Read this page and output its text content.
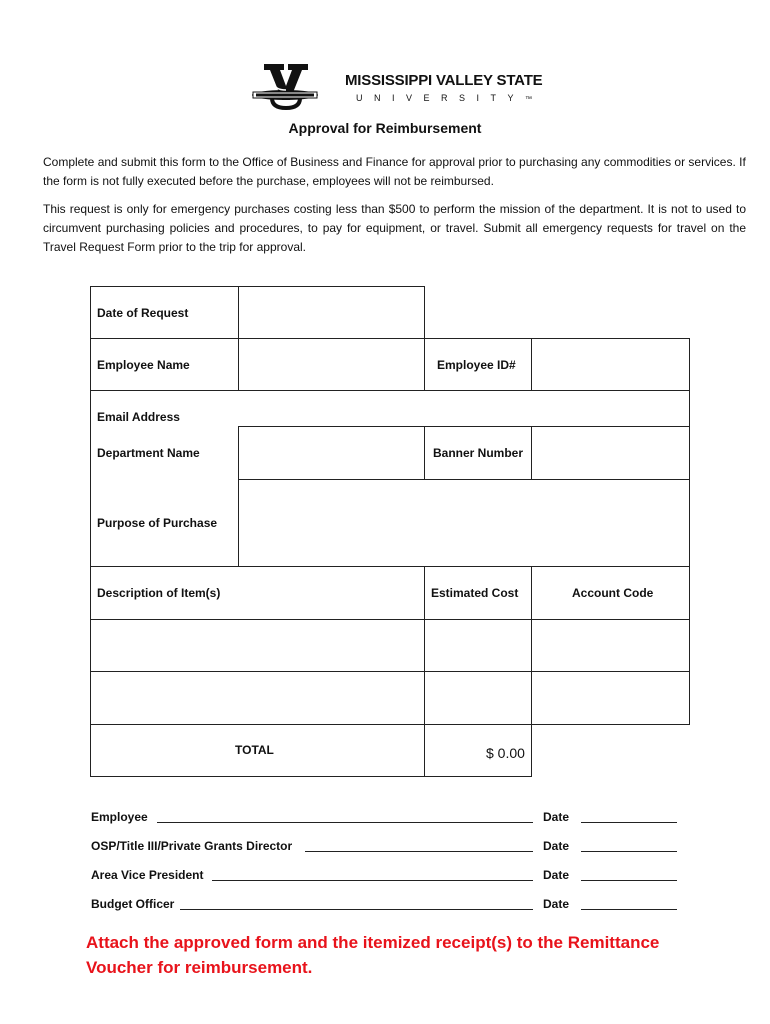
MISSISSIPPI VALLEY STATE
UNIVERSITY™
Approval for Reimbursement

Complete and submit this form to the Office of Business and Finance for approval prior to purchasing any commodities or services. If the form is not fully executed before the purchase, employees will not be reimbursed.

This request is only for emergency purchases costing less than $500 to perform the mission of the department. It is not to used to circumvent purchasing policies and procedures, to pay for equipment, or travel. Submit all emergency requests for travel on the Travel Request Form prior to the trip for approval.

Date of Request
Employee Name	Employee ID#
Email Address
Department Name	Banner Number
Purpose of Purchase
Description of Item(s)	Estimated Cost	Account Code
TOTAL	$ 0.00
Employee	Date
OSP/Title III/Private Grants Director	Date
Area Vice President	Date
Budget Officer	Date

Attach the approved form and the itemized receipt(s) to the Remittance Voucher for reimbursement.
